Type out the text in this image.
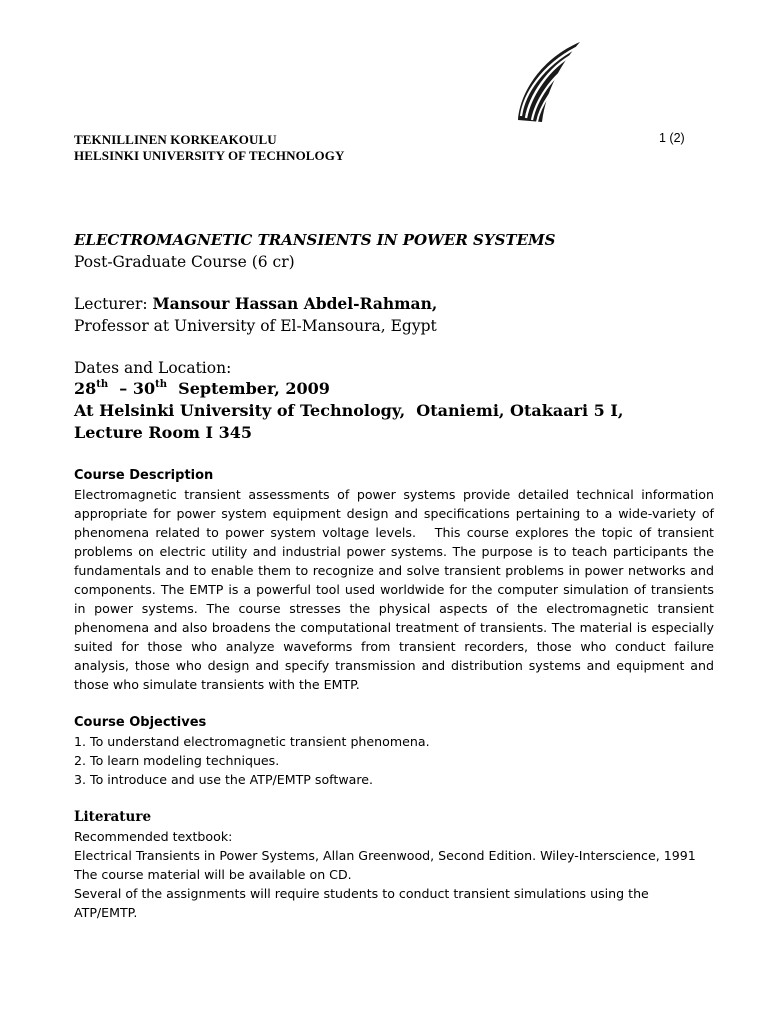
TEKNILLINEN KORKEAKOULU
HELSINKI UNIVERSITY OF TECHNOLOGY
1 (2)
ELECTROMAGNETIC TRANSIENTS IN POWER SYSTEMS
Post-Graduate Course (6 cr)
Lecturer: Mansour Hassan Abdel-Rahman,
Professor at University of El-Mansoura, Egypt
Dates and Location:
28th  – 30th  September, 2009
At Helsinki University of Technology,  Otaniemi, Otakaari 5 I,
Lecture Room I 345
Course Description
Electromagnetic transient assessments of power systems provide detailed technical information
appropriate for power system equipment design and specifications pertaining to a wide-variety of
phenomena related to power system voltage levels.   This course explores the topic of transient
problems on electric utility and industrial power systems. The purpose is to teach participants the
fundamentals and to enable them to recognize and solve transient problems in power networks and
components. The EMTP is a powerful tool used worldwide for the computer simulation of transients
in power systems. The course stresses the physical aspects of the electromagnetic transient
phenomena and also broadens the computational treatment of transients. The material is especially
suited for those who analyze waveforms from transient recorders, those who conduct failure
analysis, those who design and specify transmission and distribution systems and equipment and
those who simulate transients with the EMTP.
Course Objectives
1. To understand electromagnetic transient phenomena.
2. To learn modeling techniques.
3. To introduce and use the ATP/EMTP software.
Literature
Recommended textbook:
Electrical Transients in Power Systems, Allan Greenwood, Second Edition. Wiley-Interscience, 1991
The course material will be available on CD.
Several of the assignments will require students to conduct transient simulations using the
ATP/EMTP.
